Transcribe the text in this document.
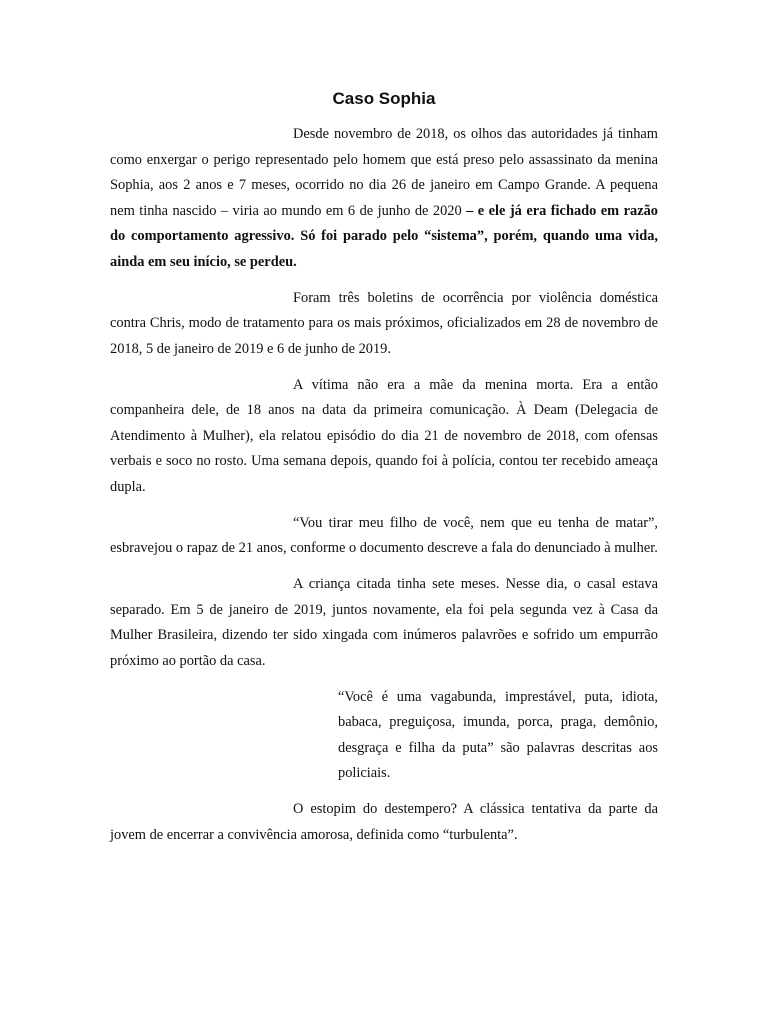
Caso Sophia

Desde novembro de 2018, os olhos das autoridades já tinham como enxergar o perigo representado pelo homem que está preso pelo assassinato da menina Sophia, aos 2 anos e 7 meses, ocorrido no dia 26 de janeiro em Campo Grande. A pequena nem tinha nascido – viria ao mundo em 6 de junho de 2020 – e ele já era fichado em razão do comportamento agressivo. Só foi parado pelo “sistema”, porém, quando uma vida, ainda em seu início, se perdeu.

Foram três boletins de ocorrência por violência doméstica contra Chris, modo de tratamento para os mais próximos, oficializados em 28 de novembro de 2018, 5 de janeiro de 2019 e 6 de junho de 2019.

A vítima não era a mãe da menina morta. Era a então companheira dele, de 18 anos na data da primeira comunicação. À Deam (Delegacia de Atendimento à Mulher), ela relatou episódio do dia 21 de novembro de 2018, com ofensas verbais e soco no rosto. Uma semana depois, quando foi à polícia, contou ter recebido ameaça dupla.

“Vou tirar meu filho de você, nem que eu tenha de matar”, esbravejou o rapaz de 21 anos, conforme o documento descreve a fala do denunciado à mulher.

A criança citada tinha sete meses. Nesse dia, o casal estava separado. Em 5 de janeiro de 2019, juntos novamente, ela foi pela segunda vez à Casa da Mulher Brasileira, dizendo ter sido xingada com inúmeros palavrões e sofrido um empurrão próximo ao portão da casa.

“Você é uma vagabunda, imprestável, puta, idiota, babaca, preguiçosa, imunda, porca, praga, demônio, desgraça e filha da puta” são palavras descritas aos policiais.

O estopim do destempero? A clássica tentativa da parte da jovem de encerrar a convivência amorosa, definida como “turbulenta”.
